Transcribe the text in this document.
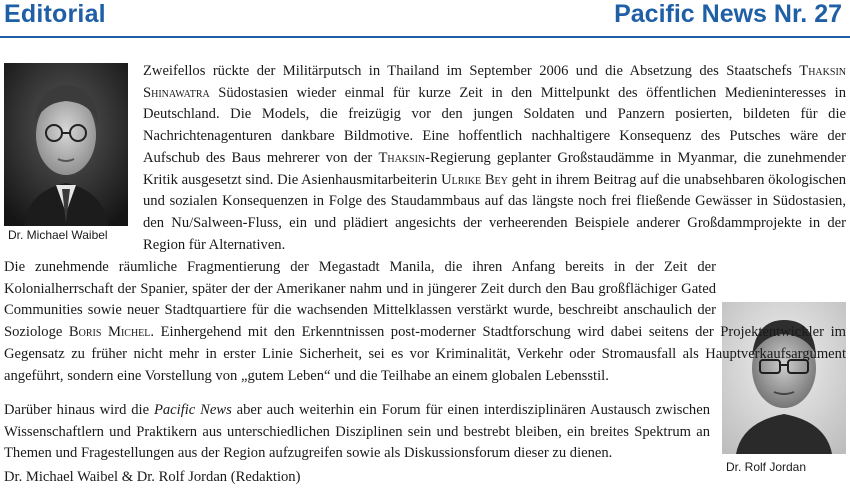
Editorial	Pacific News Nr. 27
Dr. Michael Waibel
Dr. Rolf Jordan

Zweifellos rückte der Militärputsch in Thailand im September 2006 und die Absetzung des Staatschefs Thaksin Shinawatra Südostasien wieder einmal für kurze Zeit in den Mittelpunkt des öffentlichen Medieninteresses in Deutschland. Die Models, die freizügig vor den jungen Soldaten und Panzern posierten, bildeten für die Nachrichtenagenturen dankbare Bildmotive. Eine hoffentlich nachhaltigere Konsequenz des Putsches wäre der Aufschub des Baus mehrerer von der Thaksin-Regierung geplanter Großstaudämme in Myanmar, die zunehmender Kritik ausgesetzt sind. Die Asienhausmitarbeiterin Ulrike Bey geht in ihrem Beitrag auf die unabsehbaren ökologischen und sozialen Konsequenzen in Folge des Staudammbaus auf das längste noch frei fließende Gewässer in Südostasien, den Nu/Salween-Fluss, ein und plädiert angesichts der verheerenden Beispiele anderer Großdammprojekte in der Region für Alternativen.

Die zunehmende räumliche Fragmentierung der Megastadt Manila, die ihren Anfang bereits in der Zeit der Kolonialherrschaft der Spanier, später der der Amerikaner nahm und in jüngerer Zeit durch den Bau großflächiger Gated Communities sowie neuer Stadtquartiere für die wachsenden Mittelklassen verstärkt wurde, beschreibt anschaulich der Soziologe Boris Michel. Einhergehend mit den Erkenntnissen post-moderner Stadtforschung wird dabei seitens der Projektentwickler im Gegensatz zu früher nicht mehr in erster Linie Sicherheit, sei es vor Kriminalität, Verkehr oder Stromausfall als Hauptverkaufsargument angeführt, sondern eine Vorstellung von „gutem Leben“ und die Teilhabe an einem globalen Lebensstil.

Darüber hinaus wird die Pacific News aber auch weiterhin ein Forum für einen interdisziplinären Austausch zwischen Wissenschaftlern und Praktikern aus unterschiedlichen Disziplinen sein und bestrebt bleiben, ein breites Spektrum an Themen und Fragestellungen aus der Region aufzugreifen sowie als Diskussionsforum dieser zu dienen.

Dr. Michael Waibel & Dr. Rolf Jordan (Redaktion)
